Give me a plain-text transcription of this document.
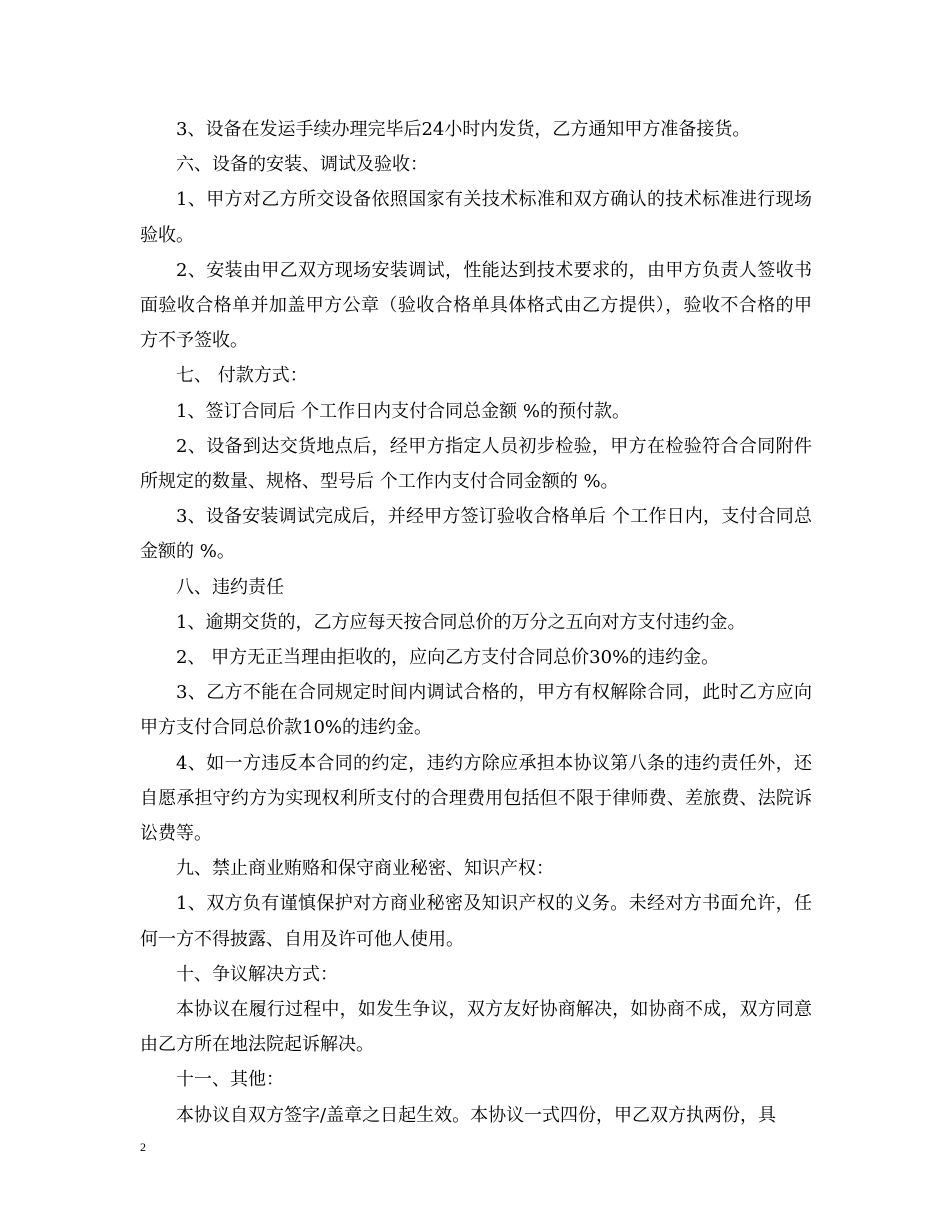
3、设备在发运手续办理完毕后24小时内发货，乙方通知甲方准备接货。

六、设备的安装、调试及验收：

1、甲方对乙方所交设备依照国家有关技术标准和双方确认的技术标准进行现场验收。

2、安装由甲乙双方现场安装调试，性能达到技术要求的，由甲方负责人签收书面验收合格单并加盖甲方公章（验收合格单具体格式由乙方提供），验收不合格的甲方不予签收。

七、 付款方式：

1、签订合同后 个工作日内支付合同总金额 %的预付款。

2、设备到达交货地点后，经甲方指定人员初步检验，甲方在检验符合合同附件所规定的数量、规格、型号后 个工作内支付合同金额的 %。

3、设备安装调试完成后，并经甲方签订验收合格单后 个工作日内，支付合同总金额的 %。

八、违约责任

1、逾期交货的，乙方应每天按合同总价的万分之五向对方支付违约金。

2、 甲方无正当理由拒收的，应向乙方支付合同总价30%的违约金。

3、乙方不能在合同规定时间内调试合格的，甲方有权解除合同，此时乙方应向甲方支付合同总价款10%的违约金。

4、如一方违反本合同的约定，违约方除应承担本协议第八条的违约责任外，还自愿承担守约方为实现权利所支付的合理费用包括但不限于律师费、差旅费、法院诉讼费等。

九、禁止商业贿赂和保守商业秘密、知识产权：

1、双方负有谨慎保护对方商业秘密及知识产权的义务。未经对方书面允许，任何一方不得披露、自用及许可他人使用。

十、争议解决方式：

本协议在履行过程中，如发生争议，双方友好协商解决，如协商不成，双方同意由乙方所在地法院起诉解决。

十一、其他：

本协议自双方签字/盖章之日起生效。本协议一式四份，甲乙双方执两份，具

2
